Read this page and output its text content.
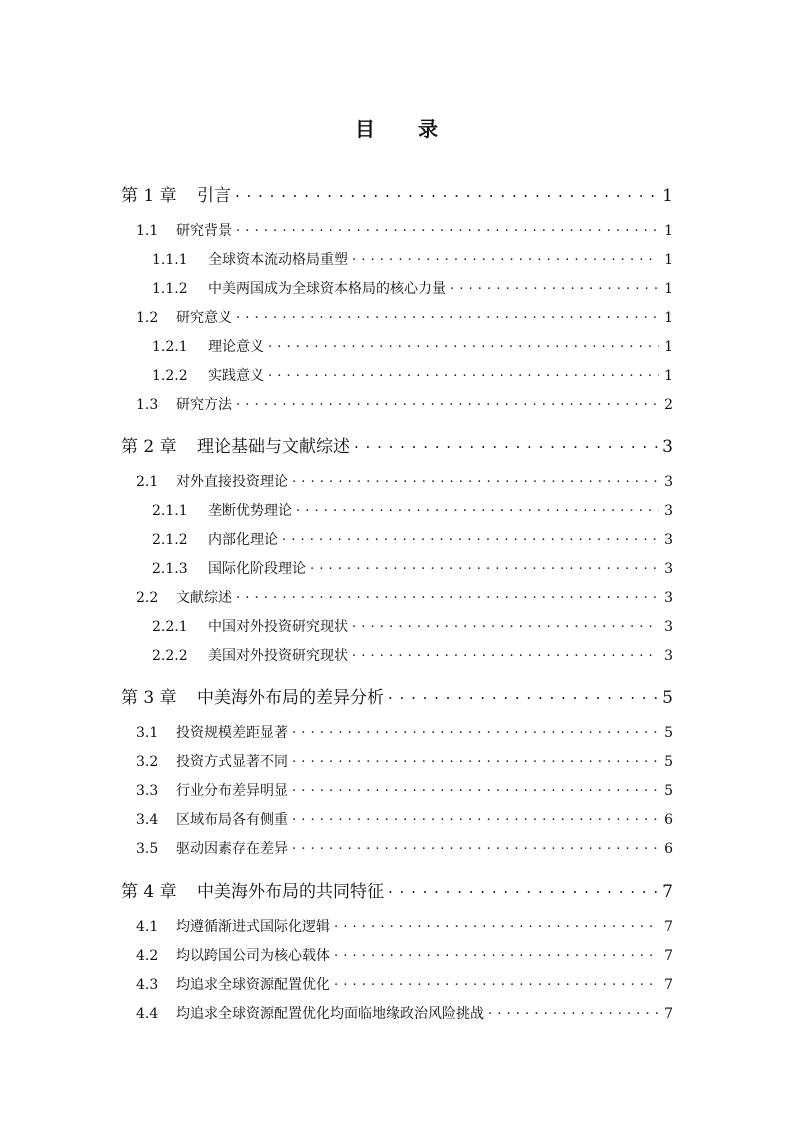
目 录
第 1 章	引言 . . .	1
1.1	研究背景 . . .	1
1.1.1	全球资本流动格局重塑 . . .	1
1.1.2	中美两国成为全球资本格局的核心力量 . . .	1
1.2	研究意义 . . .	1
1.2.1	理论意义 . . .	1
1.2.2	实践意义 . . .	1
1.3	研究方法 . . .	2
第 2 章	理论基础与文献综述 . . .	3
2.1	对外直接投资理论 . . .	3
2.1.1	垄断优势理论 . . .	3
2.1.2	内部化理论 . . .	3
2.1.3	国际化阶段理论 . . .	3
2.2	文献综述 . . .	3
2.2.1	中国对外投资研究现状 . . .	3
2.2.2	美国对外投资研究现状 . . .	3
第 3 章	中美海外布局的差异分析 . . .	5
3.1	投资规模差距显著 . . .	5
3.2	投资方式显著不同 . . .	5
3.3	行业分布差异明显 . . .	5
3.4	区域布局各有侧重 . . .	6
3.5	驱动因素存在差异 . . .	6
第 4 章	中美海外布局的共同特征 . . .	7
4.1	均遵循渐进式国际化逻辑 . . .	7
4.2	均以跨国公司为核心载体 . . .	7
4.3	均追求全球资源配置优化 . . .	7
4.4	均追求全球资源配置优化均面临地缘政治风险挑战 . . .	7
